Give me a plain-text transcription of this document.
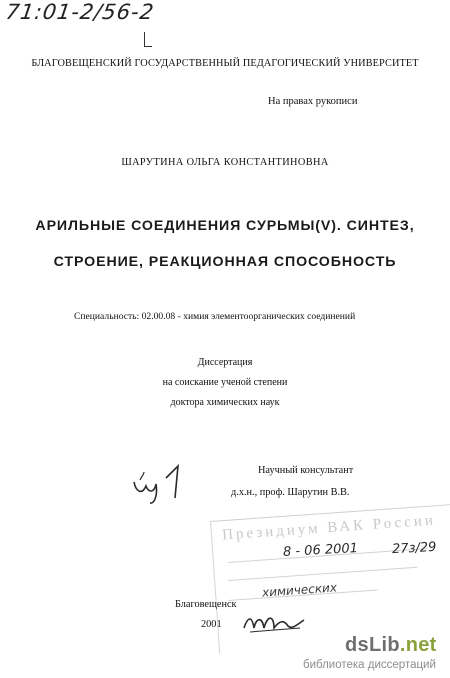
71:01-2/56-2
БЛАГОВЕЩЕНСКИЙ ГОСУДАРСТВЕННЫЙ ПЕДАГОГИЧЕСКИЙ УНИВЕРСИТЕТ
На правах рукописи
ШАРУТИНА ОЛЬГА КОНСТАНТИНОВНА
АРИЛЬНЫЕ СОЕДИНЕНИЯ СУРЬМЫ(V). СИНТЕЗ,
СТРОЕНИЕ, РЕАКЦИОННАЯ СПОСОБНОСТЬ
Специальность: 02.00.08 - химия элементоорганических соединений
Диссертация
на соискание ученой степени
доктора химических наук
Научный консультант
д.х.н., проф. Шарутин В.В.
Президиум ВАК России
8 - 06 2001	27з/29
химических
Благовещенск
2001
dsLib.net
библиотека диссертаций
